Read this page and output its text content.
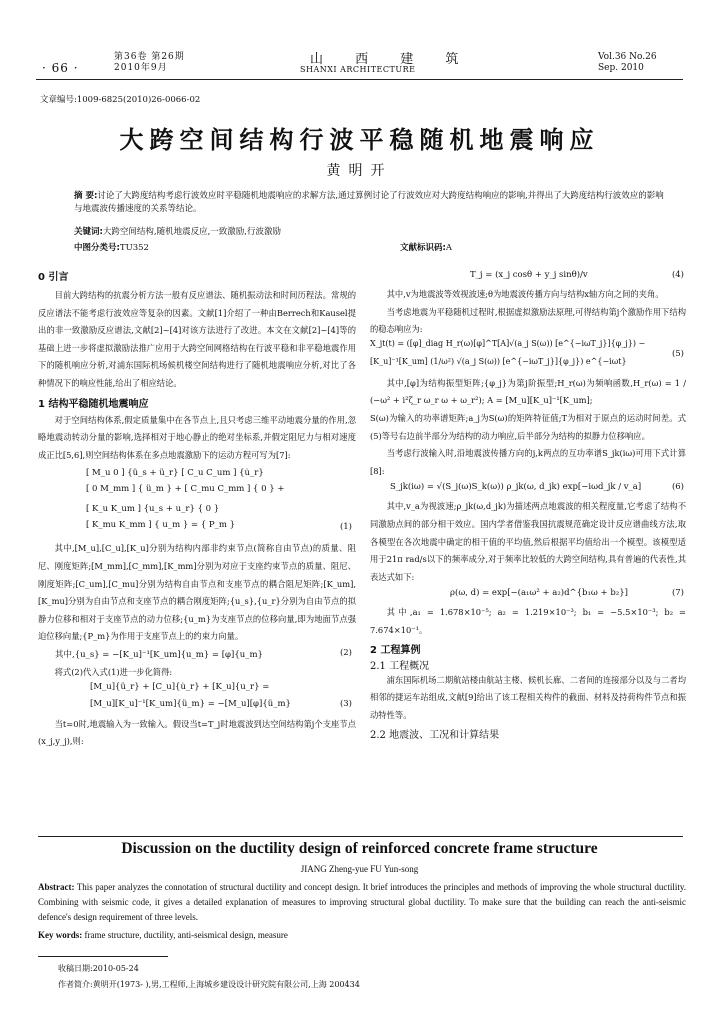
· 66 ·
第36卷 第26期
2010年9月
山 西 建 筑
SHANXI ARCHITECTURE
Vol.36 No.26
Sep. 2010
文章编号:1009-6825(2010)26-0066-02
大跨空间结构行波平稳随机地震响应
黄明开
摘 要:讨论了大跨度结构考虑行波效应时平稳随机地震响应的求解方法,通过算例讨论了行波效应对大跨度结构响应的影响,并得出了大跨度结构行波效应的影响与地震波传播速度的关系等结论。
关键词:大跨空间结构,随机地震反应,一致激励,行波激励
中图分类号:TU352	文献标识码:A
0 引言

目前大跨结构的抗震分析方法一般有反应谱法、随机振动法和时间历程法。常规的反应谱法不能考虑行波效应等复杂的因素。文献[1]介绍了一种由Berrech和Kausel提出的非一致激励反应谱法,文献[2]~[4]对该方法进行了改进。本文在文献[2]~[4]等的基础上进一步将虚拟激励法推广应用于大跨空间网格结构在行波平稳和非平稳地震作用下的随机响应分析,对浦东国际机场候机楼空间结构进行了随机地震响应分析,对比了各种情况下的响应性能,给出了相应结论。

1 结构平稳随机地震响应

对于空间结构体系,假定质量集中在各节点上,且只考虑三维平动地震分量的作用,忽略地震动转动分量的影响,选择相对于地心静止的绝对坐标系,并假定阻尼力与相对速度成正比[5,6],则空间结构体系在多点地震激励下的运动方程可写为[7]:

[ M_u 0 ] {ü_s + ü_r} [ C_u C_um ] {u̇_r}
[ 0 M_mm ] { ü_m } + [ C_mu C_mm ] { 0 } +
[ K_u K_um ] {u_s + u_r} { 0 }
[ K_mu K_mm ] { u_m } = { P_m }	(1)

其中,[M_u],[C_u],[K_u]分别为结构内部非约束节点(简称自由节点)的质量、阻尼、刚度矩阵;[M_mm],[C_mm],[K_mm]分别为对应于支座约束节点的质量、阻尼、刚度矩阵;[C_um],[C_mu]分别为结构自由节点和支座节点的耦合阻尼矩阵;[K_um],[K_mu]分别为自由节点和支座节点的耦合刚度矩阵;{u_s},{u_r}分别为自由节点的拟静力位移和相对于支座节点的动力位移;{u_m}为支座节点的位移向量,即为地面节点强迫位移向量;{P_m}为作用于支座节点上的约束力向量。

其中,{u_s} = −[K_u]⁻¹[K_um]{u_m} = [φ]{u_m}	(2)

将式(2)代入式(1)进一步化简得:

[M_u]{ü_r} + [C_u]{u̇_r} + [K_u]{u_r} =
[M_u][K_u]⁻¹[K_um]{ü_m} = −[M_u][φ]{ü_m}	(3)

当t=0时,地震输入为一致输入。假设当t=T_j时地震波到达空间结构第j个支座节点(x_j,y_j),则:

T_j = (x_j cosθ + y_j sinθ)/v	(4)

其中,v为地震波等效视波速;θ为地震波传播方向与结构x轴方向之间的夹角。

当考虑地震为平稳随机过程时,根据虚拟激励法原理,可得结构第j个激励作用下结构的稳态响应为:

X_jt(t) = ([φ]_diag H_r(ω)[φ]^T[A]√(a_j S(ω)) [e^{−iωT_j}]{φ_j}) −
[K_u]⁻¹[K_um] (1/ω²) √(a_j S(ω)) [e^{−iωT_j}]{φ_j}) e^{−iωt}
(5)

其中,[φ]为结构振型矩阵;{φ_j}为第j阶振型;H_r(ω)为频响函数,H_r(ω) = 1 / (−ω² + i²ζ_r ω_r ω + ω_r²); A = [M_u][K_u]⁻¹[K_um];

S(ω)为输入的功率谱矩阵;a_j为S(ω)的矩阵特征值;T为相对于原点的运动时间差。式(5)等号右边前半部分为结构的动力响应,后半部分为结构的拟静力位移响应。

当考虑行波输入时,沿地震波传播方向的j,k两点的互功率谱S_jk(iω)可用下式计算[8]:

S_jk(iω) = √(S_j(ω)S_k(ω)) ρ_jk(ω, d_jk) exp[−iωd_jk / v_a]	(6)

其中,v_a为视波速;ρ_jk(ω,d_jk)为描述两点地震波的相关程度量,它考虑了结构不同激励点间的部分相干效应。国内学者借鉴我国抗震规范确定设计反应谱曲线方法,取各模型在各次地震中确定的相干值的平均值,然后根据平均值给出一个模型。该模型适用于21π rad/s以下的频率成分,对于频率比较低的大跨空间结构,具有普遍的代表性,其表达式如下:

ρ(ω, d) = exp[−(a₁ω² + a₂)d^{b₁ω + b₂}]	(7)

其中,a₁ = 1.678×10⁻⁵; a₂ = 1.219×10⁻³; b₁ = −5.5×10⁻³; b₂ = 7.674×10⁻¹。

2 工程算例
2.1 工程概况

浦东国际机场二期航站楼由航站主楼、候机长廊、二者间的连接部分以及与二者均相邻的捷运车站组成,文献[9]给出了该工程相关构件的截面、材料及持荷构件节点和振动特性等。

2.2 地震波、工况和计算结果
Discussion on the ductility design of reinforced concrete frame structure
JIANG Zheng-yue FU Yun-song
Abstract: This paper analyzes the connotation of structural ductility and concept design. It brief introduces the principles and methods of improving the whole structural ductility. Combining with seismic code, it gives a detailed explanation of measures to improving structural global ductility. To make sure that the building can reach the anti-seismic defence's design requirement of three levels.
Key words: frame structure, ductility, anti-seismical design, measure
收稿日期:2010-05-24
作者简介:黄明开(1973- ),男,工程师,上海城乡建设设计研究院有限公司,上海 200434
